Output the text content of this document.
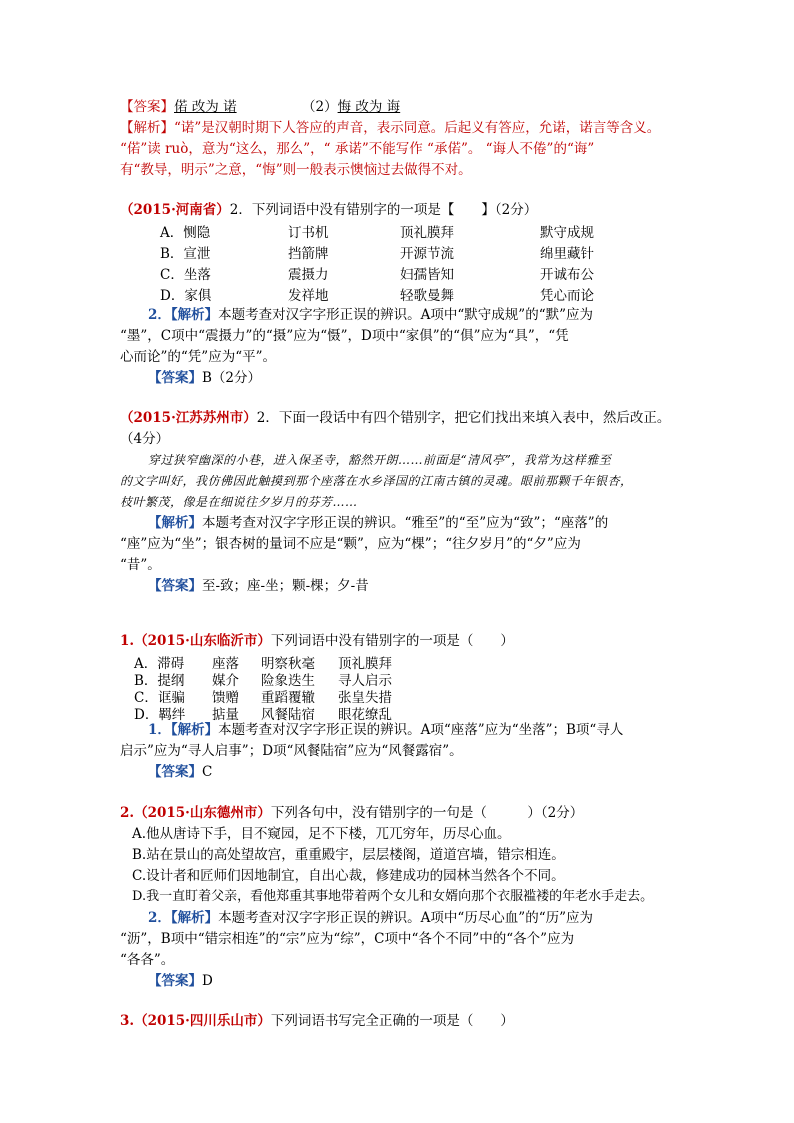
【答案】偌 改为 诺	（2）悔 改为 诲
【解析】“诺”是汉朝时期下人答应的声音，表示同意。后起义有答应，允诺，诺言等含义。
“偌”读 ruò，意为“这么，那么”，“ 承诺”不能写作 “承偌”。 “诲人不倦”的“诲”
有“教导，明示”之意，“悔”则一般表示懊恼过去做得不对。
（2015·河南省）2．下列词语中没有错别字的一项是【　　】（2分）
A．恻隐	订书机	顶礼膜拜	默守成规
B．宣泄	挡箭牌	开源节流	绵里藏针
C．坐落	震摄力	妇孺皆知	开诚布公
D．家俱	发祥地	轻歌曼舞	凭心而论
2．【解析】本题考查对汉字字形正误的辨识。A项中“默守成规”的“默”应为
“墨”，C项中“震摄力”的“摄”应为“慑”，D项中“家俱”的“俱”应为“具”，“凭
心而论”的“凭”应为“平”。
【答案】B（2分）
（2015·江苏苏州市）2．下面一段话中有四个错别字，把它们找出来填入表中，然后改正。
（4分）
穿过狭窄幽深的小巷，进入保圣寺，豁然开朗……前面是“清风亭”，我常为这样雅至
的文字叫好，我仿佛因此触摸到那个座落在水乡泽国的江南古镇的灵魂。眼前那颗千年银杏，
枝叶繁茂，像是在细说往夕岁月的芬芳……
【解析】本题考查对汉字字形正误的辨识。“雅至”的“至”应为“致”；“座落”的
“座”应为“坐”；银杏树的量词不应是“颗”，应为“棵”；“往夕岁月”的“夕”应为
“昔”。
【答案】至-致；座-坐；颗-棵；夕-昔
1.（2015·山东临沂市）下列词语中没有错别字的一项是（　　）
A．滞碍 座落 明察秋毫 顶礼膜拜
B．提纲 媒介 险象迭生 寻人启示
C．诓骗 馈赠 重蹈覆辙 张皇失措
D．羁绊 掂量 风餐陆宿 眼花缭乱
1．【解析】本题考查对汉字字形正误的辨识。A项“座落”应为“坐落”；B项“寻人
启示”应为“寻人启事”；D项“风餐陆宿”应为“风餐露宿”。
【答案】C
2.（2015·山东德州市）下列各句中，没有错别字的一句是（　　　）（2分）
A.他从唐诗下手，目不窥园，足不下楼，兀兀穷年，历尽心血。
B.站在景山的高处望故宫，重重殿宇，层层楼阁，道道宫墙，错宗相连。
C.设计者和匠师们因地制宜，自出心裁，修建成功的园林当然各个不同。
D.我一直盯着父亲，看他郑重其事地带着两个女儿和女婿向那个衣服褴褛的年老水手走去。
2．【解析】本题考查对汉字字形正误的辨识。A项中“历尽心血”的“历”应为
“沥”，B项中“错宗相连”的“宗”应为“综”，C项中“各个不同”中的“各个”应为
“各各”。
【答案】D
3.（2015·四川乐山市）下列词语书写完全正确的一项是（　　）
